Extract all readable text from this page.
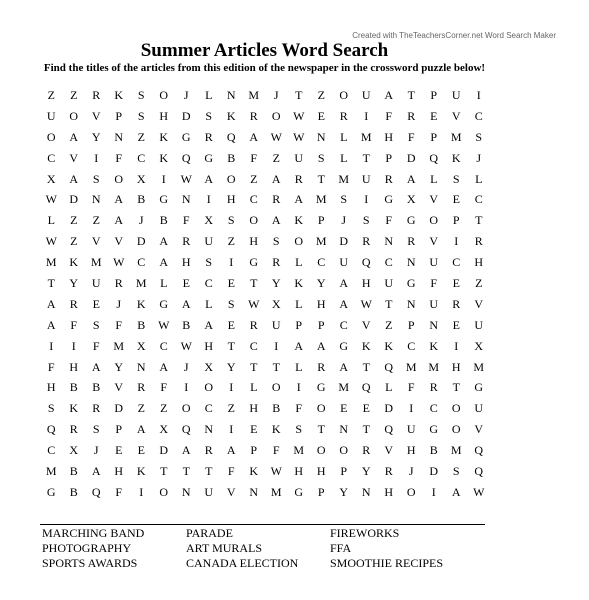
Created with TheTeachersCorner.net Word Search Maker
Summer Articles Word Search
Find the titles of the articles from this edition of the newspaper in the crossword puzzle below!
Z	Z	R	K	S	O	J	L	N	M	J	T	Z	O	U	A	T	P	U	I
U	O	V	P	S	H	D	S	K	R	O	W	E	R	I	F	R	E	V	C
O	A	Y	N	Z	K	G	R	Q	A	W W	N	L	M	H	F	P	M	S
C	V	I	F	C	K	Q	G	B	F	Z	U	S	L	T	P	D	Q	K	J
X	A	S	O	X	I	W	A	O	Z	A	R	T	M	U	R	A	L	S	L
W	D	N	A	B	G	N	I	H	C	R	A	M	S	I	G	X	V	E	C
L	Z	Z	A	J	B	F	X	S	O	A	K	P	J	S	F	G	O	P	T
W	Z	V	V	D	A	R	U	Z	H	S	O	M	D	R	N	R	V	I	R
M	K	M W	C	A	H	S	I	G	R	L	C	U	Q	C	N	U	C	H
T	Y	U	R	M	L	E	C	E	T	Y	K	Y	A	H	U	G	F	E	Z
A	R	E	J	K	G	A	L	S	W	X	L	H	A	W	T	N	U	R	V
A	F	S	F	B	W	B	A	E	R	U	P	P	C	V	Z	P	N	E	U
I	I	F	M	X	C	W	H	T	C	I	A	A	G	K	K	C	K	I	X
F	H	A	Y	N	A	J	X	Y	T	T	L	R	A	T	Q	M M	H	M
H	B	B	V	R	F	I	O	I	L	O	I	G	M	Q	L	F	R	T	G
S	K	R	D	Z	Z	O	C	Z	H	B	F	O	E	E	D	I	C	O	U
Q	R	S	P	A	X	Q	N	I	E	K	S	T	N	T	Q	U	G	O	V
C	X	J	E	E	D	A	R	A	P	F	M	O	O	R	V	H	B	M	Q
M	B	A	H	K	T	T	T	F	K	W	H	H	P	Y	R	J	D	S	Q
G	B	Q	F	I	O	N	U	V	N	M	G	P	Y	N	H	O	I	A	W
MARCHING BAND	PARADE	FIREWORKS
PHOTOGRAPHY	ART MURALS	FFA
SPORTS AWARDS	CANADA ELECTION	SMOOTHIE RECIPES
